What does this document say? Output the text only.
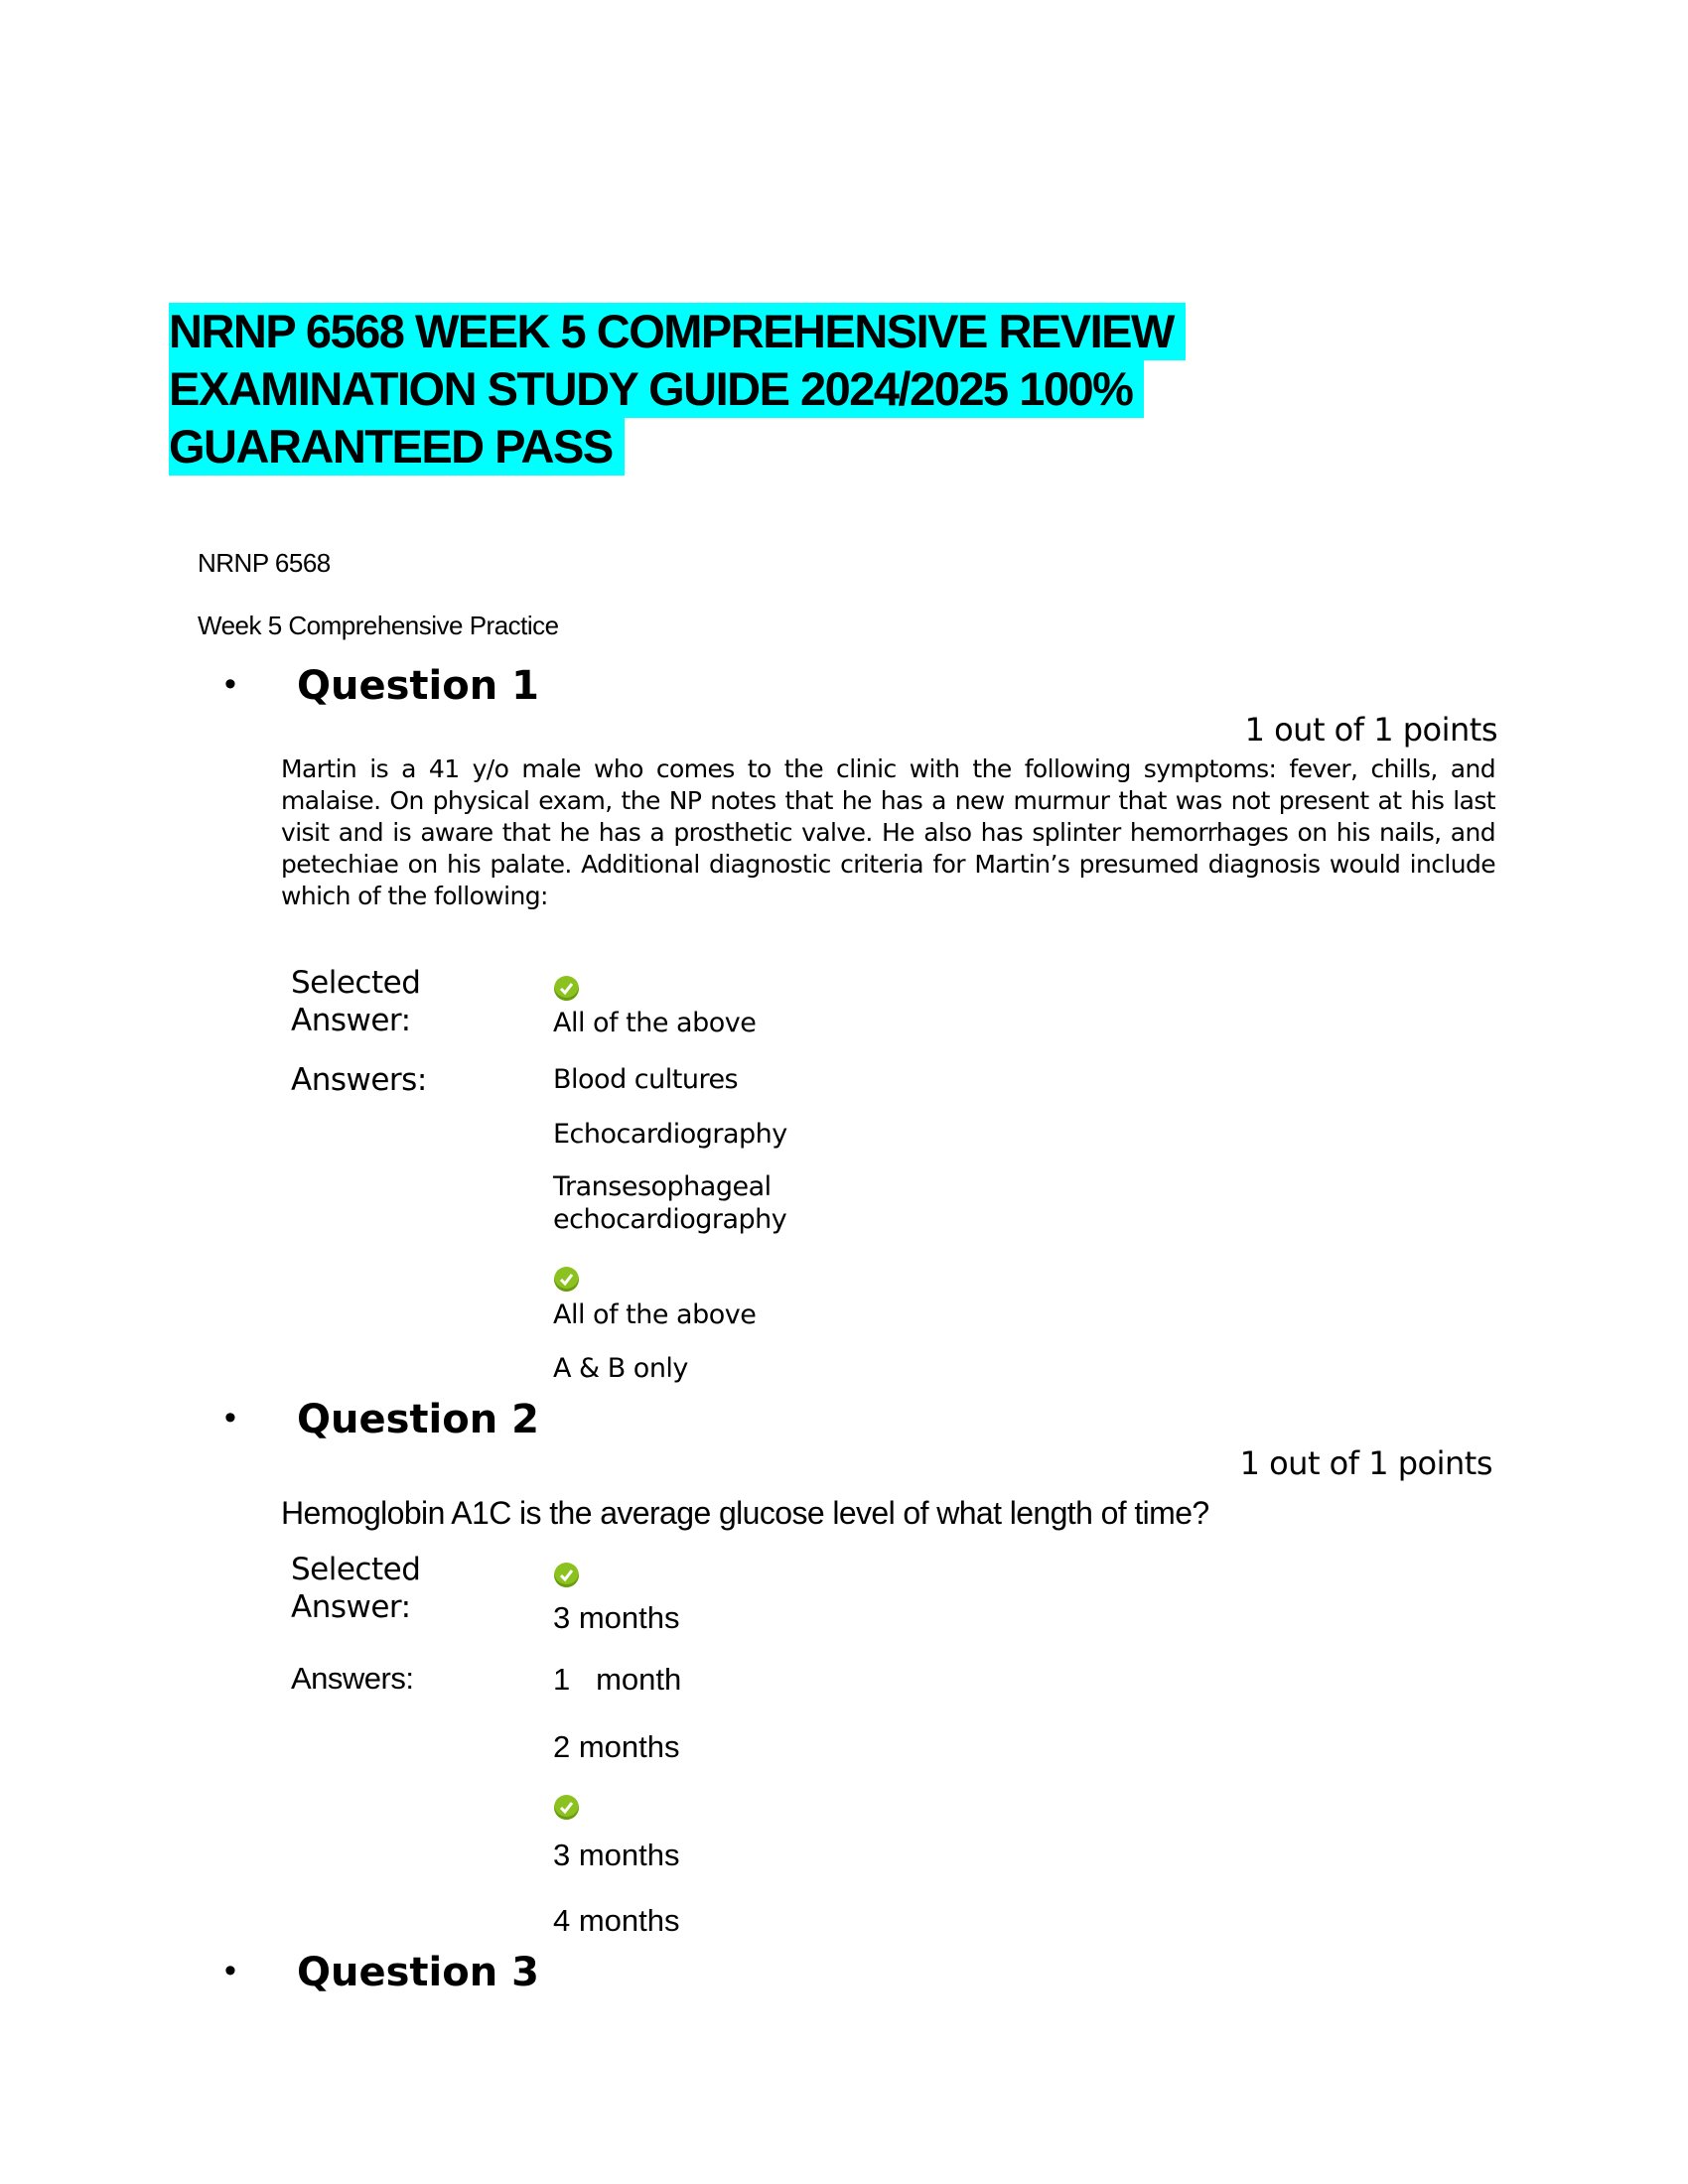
NRNP 6568 WEEK 5 COMPREHENSIVE REVIEW
EXAMINATION STUDY GUIDE 2024/2025 100%
GUARANTEED PASS
NRNP 6568
Week 5 Comprehensive Practice
• Question 1
1 out of 1 points
Martin is a 41 y/o male who comes to the clinic with the following symptoms: fever, chills, and malaise. On physical exam, the NP notes that he has a new murmur that was not present at his last visit and is aware that he has a prosthetic valve. He also has splinter hemorrhages on his nails, and petechiae on his palate. Additional diagnostic criteria for Martin’s presumed diagnosis would include which of the following:
Selected
Answer:	All of the above
Answers:	Blood cultures
Echocardiography
Transesophageal echocardiography
All of the above
A & B only
• Question 2
1 out of 1 points
Hemoglobin A1C is the average glucose level of what length of time?
Selected
Answer:	3 months
Answers:	1   month
2 months
3 months
4 months
• Question 3
